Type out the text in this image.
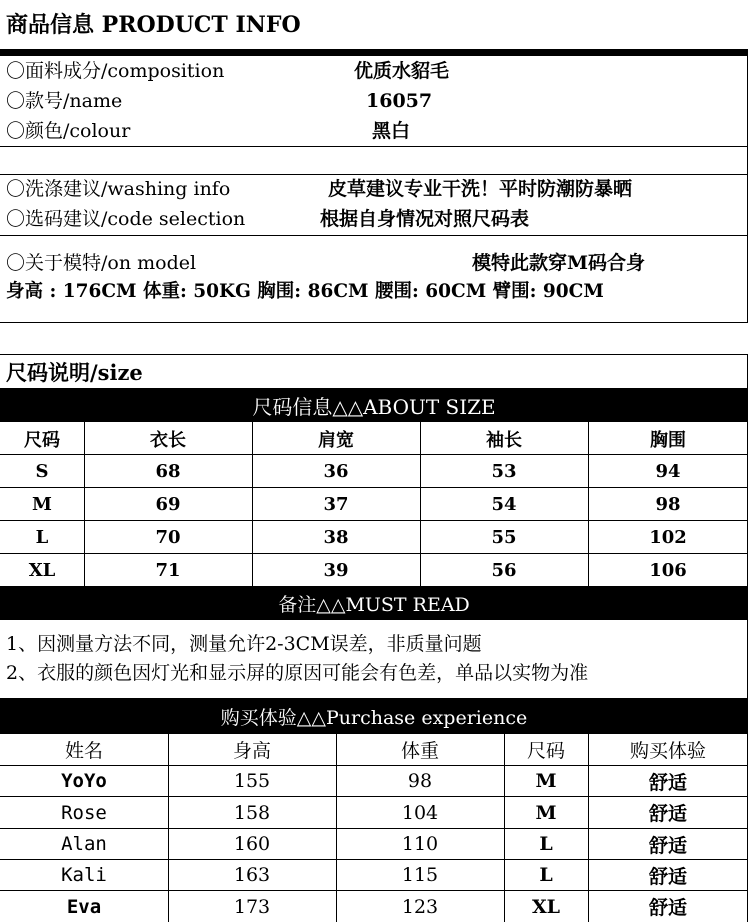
商品信息 PRODUCT INFO
〇面料成分/composition	优质水貂毛
〇款号/name	16057
〇颜色/colour	黑白
〇洗涤建议/washing info	皮草建议专业干洗！平时防潮防暴晒
〇选码建议/code selection	根据自身情况对照尺码表
〇关于模特/on model	模特此款穿M码合身
身高 : 176CM 体重: 50KG 胸围: 86CM 腰围: 60CM 臂围: 90CM
尺码说明/size
尺码信息△△ABOUT SIZE
尺码	衣长	肩宽	袖长	胸围
S	68	36	53	94
M	69	37	54	98
L	70	38	55	102
XL	71	39	56	106
备注△△MUST READ
1、因测量方法不同，测量允许2-3CM误差，非质量问题
2、衣服的颜色因灯光和显示屏的原因可能会有色差，单品以实物为准
购买体验△△Purchase experience
姓名	身高	体重	尺码	购买体验
YoYo	155	98	M	舒适
Rose	158	104	M	舒适
Alan	160	110	L	舒适
Kali	163	115	L	舒适
Eva	173	123	XL	舒适
